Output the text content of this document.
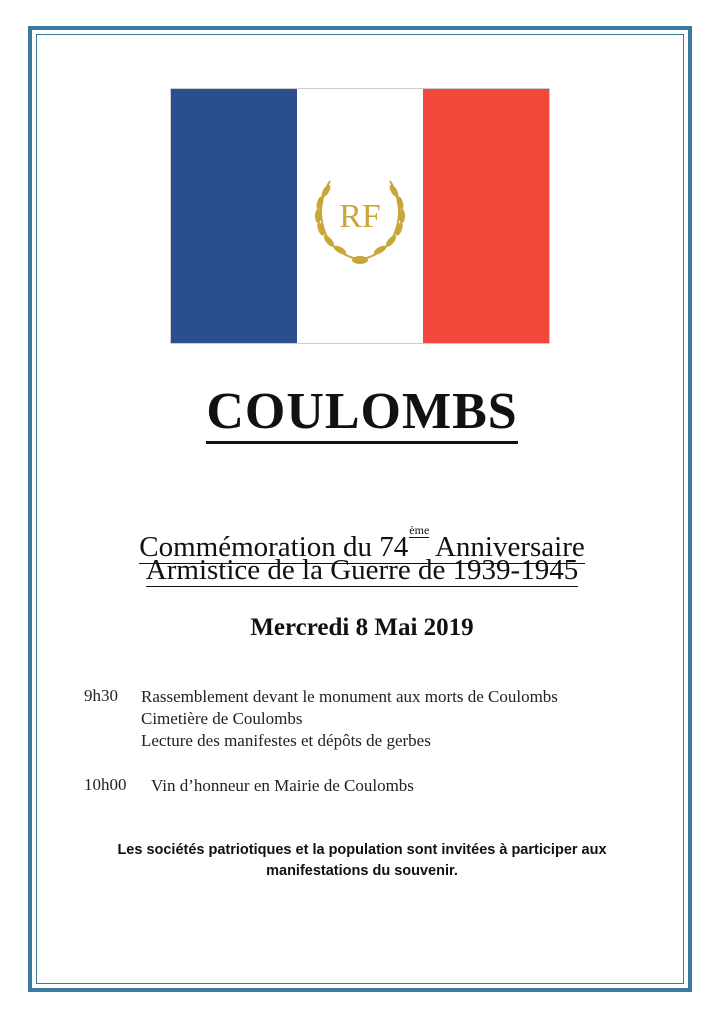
RF
COULOMBS
Commémoration du 74ème Anniversaire
Armistice de la Guerre de 1939-1945
Mercredi 8 Mai 2019
9h30 Rassemblement devant le monument aux morts de Coulombs
Cimetière de Coulombs
Lecture des manifestes et dépôts de gerbes
10h00 Vin d’honneur en Mairie de Coulombs
Les sociétés patriotiques et la population sont invitées à participer aux
manifestations du souvenir.
